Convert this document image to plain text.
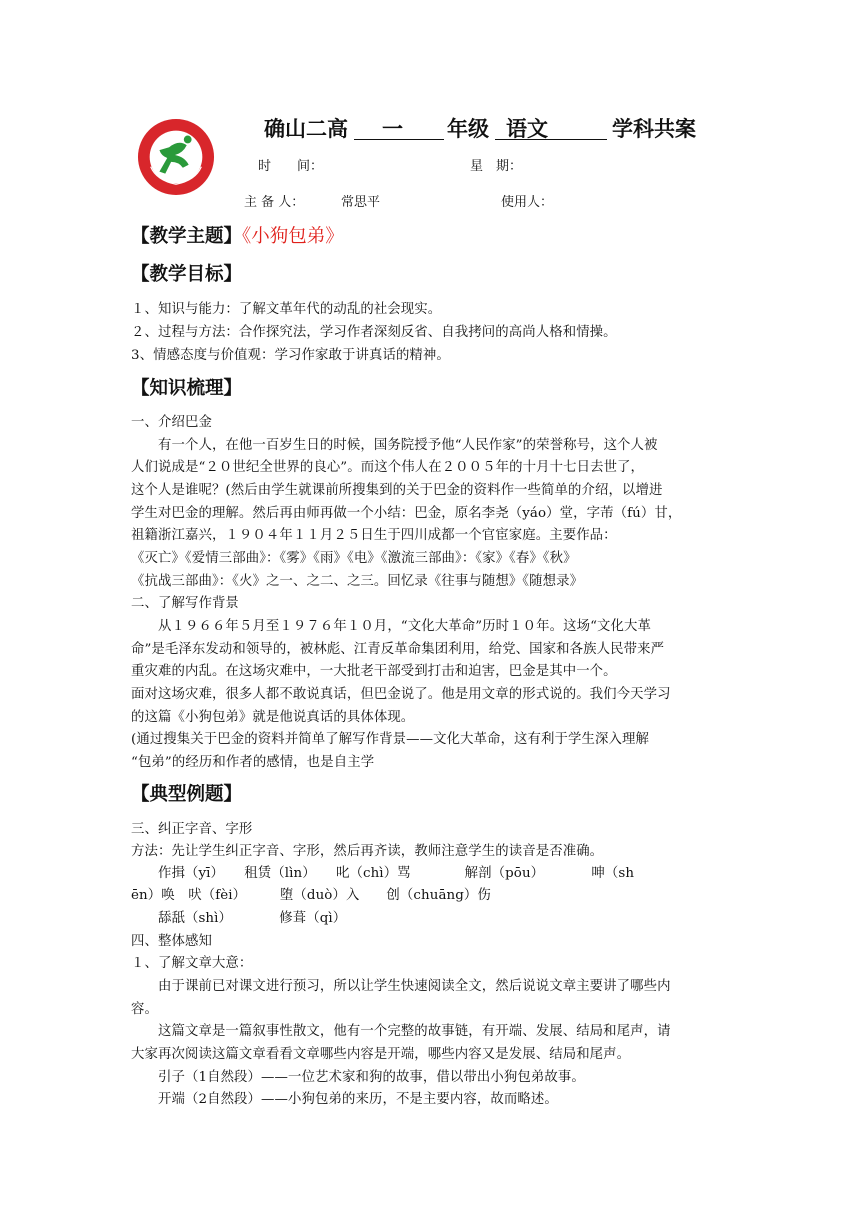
确山二高 一 年级 语文	学科共案
时　　间：	星　期：
主 备 人：	常思平	使用人：
【教学主题】《小狗包弟》
【教学目标】
１、知识与能力：了解文革年代的动乱的社会现实。
２、过程与方法：合作探究法，学习作者深刻反省、自我拷问的高尚人格和情操。
3、情感态度与价值观：学习作家敢于讲真话的精神。
【知识梳理】
一、介绍巴金
　　有一个人，在他一百岁生日的时候，国务院授予他“人民作家”的荣誉称号，这个人被
人们说成是“２０世纪全世界的良心”。而这个伟人在２００５年的十月十七日去世了，
这个人是谁呢？(然后由学生就课前所搜集到的关于巴金的资料作一些简单的介绍，以增进
学生对巴金的理解。然后再由师再做一个小结：巴金，原名李尧（yáo）堂，字芾（fú）甘，
祖籍浙江嘉兴，１９０４年１１月２５日生于四川成都一个官宦家庭。主要作品：
《灭亡》《爱情三部曲》：《雾》《雨》《电》《激流三部曲》：《家》《春》《秋》
《抗战三部曲》：《火》之一、之二、之三。回忆录《往事与随想》《随想录》
二、了解写作背景
　　从１９６６年５月至１９７６年１０月，“文化大革命”历时１０年。这场“文化大革
命”是毛泽东发动和领导的，被林彪、江青反革命集团利用，给党、国家和各族人民带来严
重灾难的内乱。在这场灾难中，一大批老干部受到打击和迫害，巴金是其中一个。
面对这场灾难，很多人都不敢说真话，但巴金说了。他是用文章的形式说的。我们今天学习
的这篇《小狗包弟》就是他说真话的具体体现。
(通过搜集关于巴金的资料并简单了解写作背景——文化大革命，这有利于学生深入理解
“包弟”的经历和作者的感情，也是自主学
【典型例题】
三、纠正字音、字形
方法：先让学生纠正字音、字形，然后再齐读，教师注意学生的读音是否准确。
　　作揖（yī）　　租赁（lìn）　　叱（chì）骂　　　　解剖（pōu）　　　　呻（sh
ēn）唤　吠（fèi）　　　堕（duò）入　　创（chuāng）伤
　　舔舐（shì）　　　　修葺（qì）
四、整体感知
１、了解文章大意：
　　由于课前已对课文进行预习，所以让学生快速阅读全文，然后说说文章主要讲了哪些内
容。
　　这篇文章是一篇叙事性散文，他有一个完整的故事链，有开端、发展、结局和尾声，请
大家再次阅读这篇文章看看文章哪些内容是开端，哪些内容又是发展、结局和尾声。
　　引子（1自然段）——一位艺术家和狗的故事，借以带出小狗包弟故事。
　　开端（2自然段）——小狗包弟的来历，不是主要内容，故而略述。
